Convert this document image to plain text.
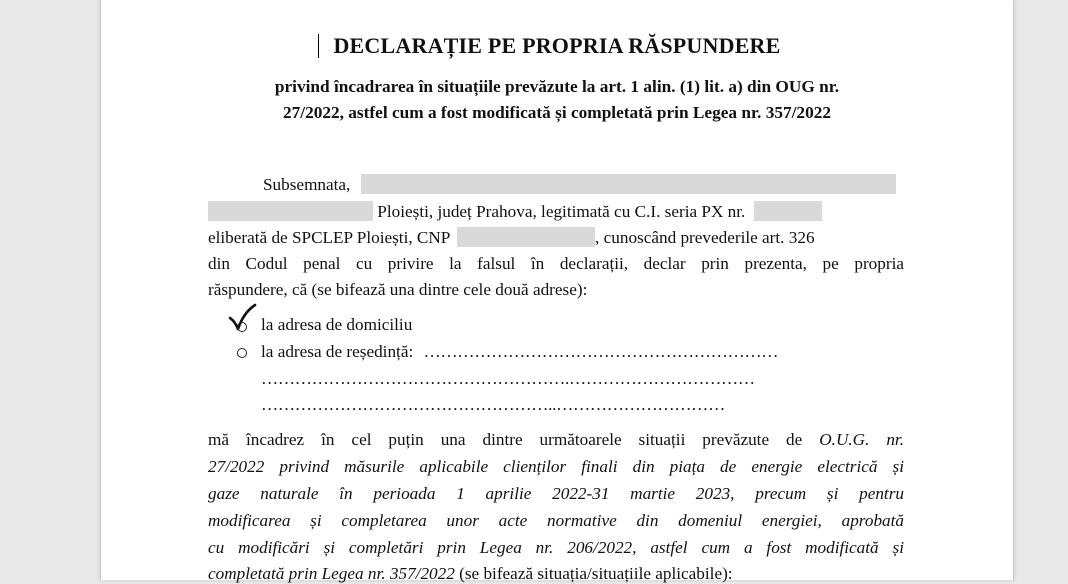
DECLARAȚIE PE PROPRIA RĂSPUNDERE
privind încadrarea în situațiile prevăzute la art. 1 alin. (1) lit. a) din OUG nr.
27/2022, astfel cum a fost modificată și completată prin Legea nr. 357/2022
Subsemnata,
Ploiești, județ Prahova, legitimată cu C.I. seria PX nr.
eliberată de SPCLEP Ploiești, CNP	, cunoscând prevederile art. 326
din Codul penal cu privire la falsul în declarații, declar prin prezenta, pe propria
răspundere, că (se bifează una dintre cele două adrese):
la adresa de domiciliu
la adresa de reședință: ………………………………………………………
……………………………………………….……………………………
……………………………………………..…………………………
mă încadrez în cel puțin una dintre următoarele situații prevăzute de O.U.G. nr.
27/2022 privind măsurile aplicabile clienților finali din piața de energie electrică și
gaze naturale în perioada 1 aprilie 2022-31 martie 2023, precum și pentru
modificarea și completarea unor acte normative din domeniul energiei, aprobată
cu modificări și completări prin Legea nr. 206/2022, astfel cum a fost modificată și
completată prin Legea nr. 357/2022 (se bifează situația/situațiile aplicabile):
